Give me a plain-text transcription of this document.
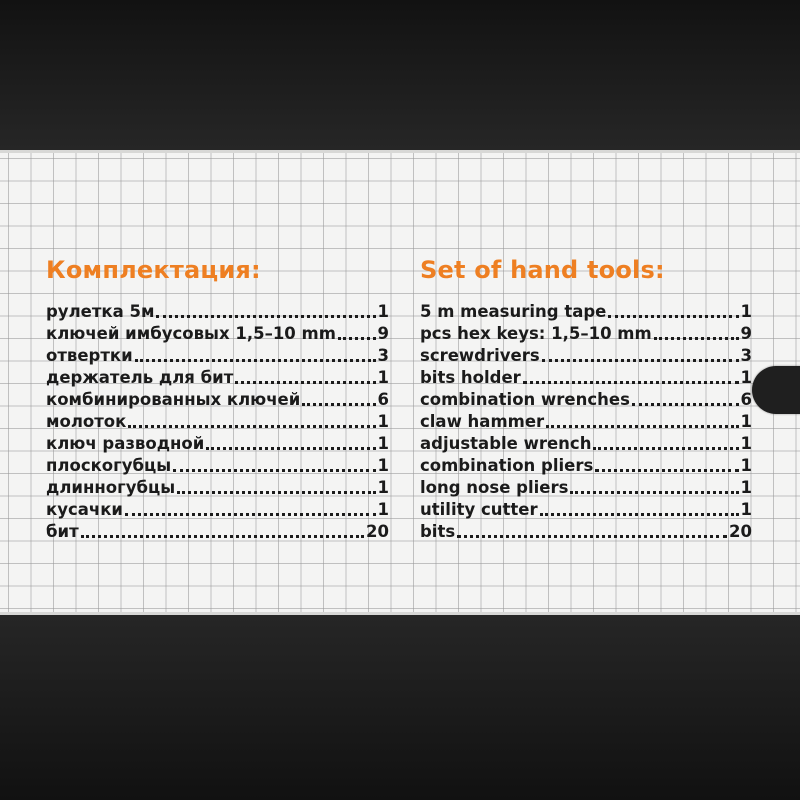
Комплектация:
рулетка 5м	1
ключей имбусовых 1,5–10 mm	9
отвертки	3
держатель для бит	1
комбинированных ключей	6
молоток	1
ключ разводной	1
плоскогубцы	1
длинногубцы	1
кусачки	1
бит	20
Set of hand tools:
5 m measuring tape	1
pcs hex keys: 1,5–10 mm	9
screwdrivers	3
bits holder	1
combination wrenches	6
claw hammer	1
adjustable wrench	1
combination pliers	1
long nose pliers	1
utility cutter	1
bits	20
